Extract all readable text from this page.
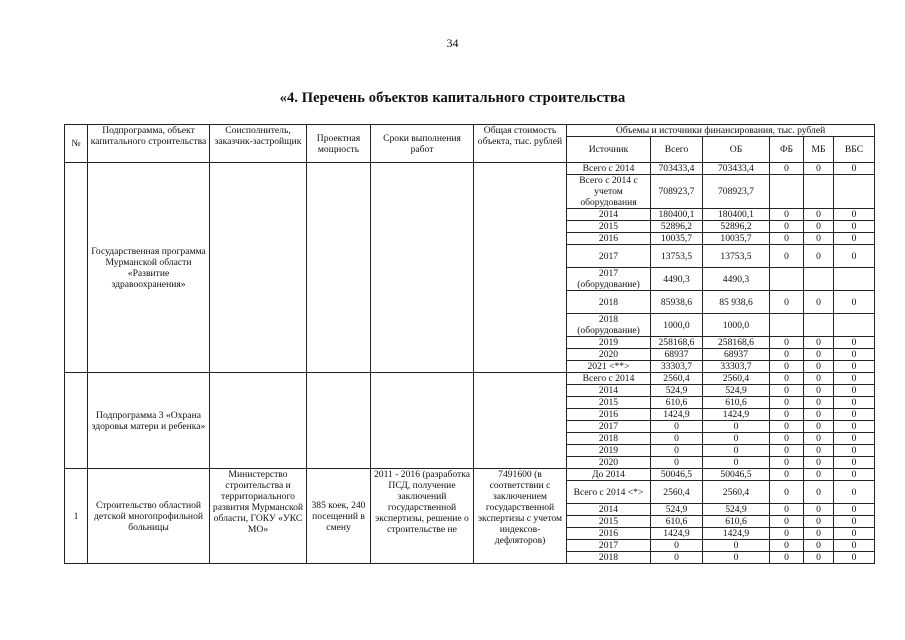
34
«4. Перечень объектов капитального строительства
№	Подпрограмма, объект капитального строительства	Соисполнитель, заказчик-застройщик	Проектная мощность	Сроки выполнения работ	Общая стоимость объекта, тыс. рублей	Объемы и источники финансирования, тыс. рублей					
						Источник	Всего	ОБ	ФБ	МБ	ВБС
	Государственная программа Мурманской области «Развитие здравоохранения»					Всего с 2014	703433,4	703433,4	0	0	0
						Всего с 2014 с учетом оборудования	708923,7	708923,7			
						2014	180400,1	180400,1	0	0	0
						2015	52896,2	52896,2	0	0	0
						2016	10035,7	10035,7	0	0	0
						2017	13753,5	13753,5	0	0	0
						2017 (оборудование)	4490,3	4490,3			
						2018	85938,6	85 938,6	0	0	0
						2018 (оборудование)	1000,0	1000,0			
						2019	258168,6	258168,6	0	0	0
						2020	68937	68937	0	0	0
						2021 <**>	33303,7	33303,7	0	0	0
	Подпрограмма 3 «Охрана здоровья матери и ребенка»					Всего с 2014	2560,4	2560,4	0	0	0
						2014	524,9	524,9	0	0	0
						2015	610,6	610,6	0	0	0
						2016	1424,9	1424,9	0	0	0
						2017	0	0	0	0	0
						2018	0	0	0	0	0
						2019	0	0	0	0	0
						2020	0	0	0	0	0
1	Строительство областной детской многопрофильной больницы	Министерство строительства и территориального развития Мурманской области, ГОКУ «УКС МО»	385 коек, 240 посещений в смену	2011 - 2016 (разработка ПСД, получение заключений государственной экспертизы, решение о строительстве не	7491600 (в соответствии с заключением государственной экспертизы с учетом индексов-дефляторов)	До 2014	50046,5	50046,5	0	0	0
						Всего с 2014 <*>	2560,4	2560,4	0	0	0
						2014	524,9	524,9	0	0	0
						2015	610,6	610,6	0	0	0
						2016	1424,9	1424,9	0	0	0
						2017	0	0	0	0	0
						2018	0	0	0	0	0
